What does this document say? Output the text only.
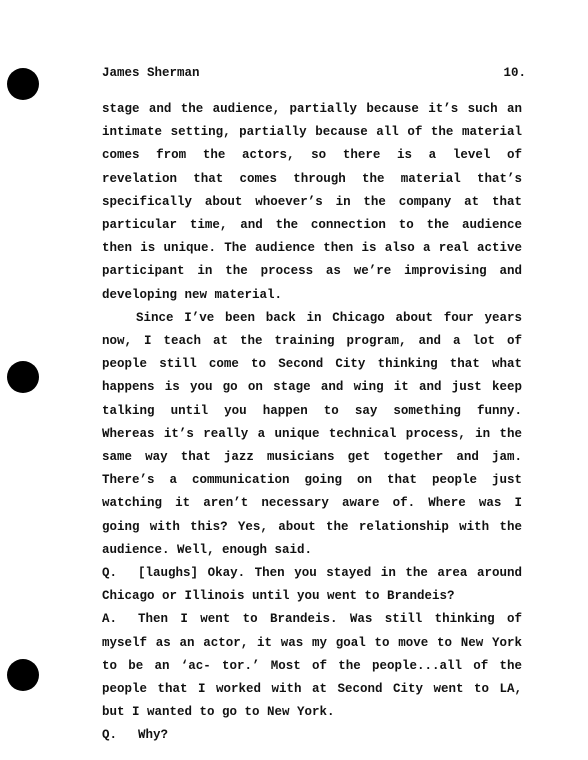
James Sherman	10.

stage and the audience, partially because it’s such an intimate setting, partially because all of the material comes from the actors, so there is a level of revelation that comes through the material that’s specifically about whoever’s in the company at that particular time, and the connection to the audience then is unique. The audience then is also a real active participant in the process as we’re improvising and developing new material.

Since I’ve been back in Chicago about four years now, I teach at the training program, and a lot of people still come to Second City thinking that what happens is you go on stage and wing it and just keep talking until you happen to say something funny. Whereas it’s really a unique technical process, in the same way that jazz musicians get together and jam. There’s a communication going on that people just watching it aren’t necessary aware of. Where was I going with this? Yes, about the relationship with the audience. Well, enough said.

Q. [laughs] Okay. Then you stayed in the area around Chicago or Illinois until you went to Brandeis?

A. Then I went to Brandeis. Was still thinking of myself as an actor, it was my goal to move to New York to be an ‘ac- tor.’ Most of the people...all of the people that I worked with at Second City went to LA, but I wanted to go to New York.

Q. Why?
